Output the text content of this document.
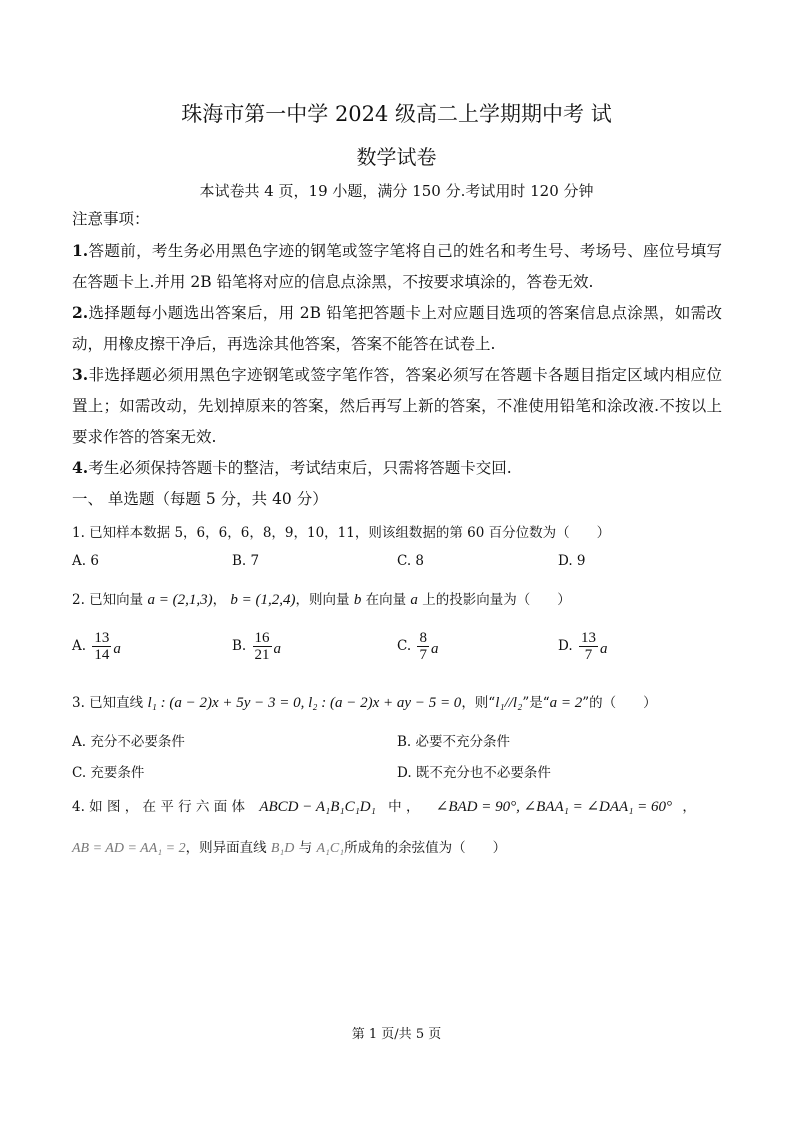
珠海市第一中学 2024 级高二上学期期中考 试
数学试卷
本试卷共 4 页，19 小题，满分 150 分.考试用时 120 分钟
注意事项：
1.答题前，考生务必用黑色字迹的钢笔或签字笔将自己的姓名和考生号、考场号、座位号填写在答题卡上.并用 2B 铅笔将对应的信息点涂黑，不按要求填涂的，答卷无效.
2.选择题每小题选出答案后，用 2B 铅笔把答题卡上对应题目选项的答案信息点涂黑，如需改动，用橡皮擦干净后，再选涂其他答案，答案不能答在试卷上.
3.非选择题必须用黑色字迹钢笔或签字笔作答，答案必须写在答题卡各题目指定区域内相应位置上；如需改动，先划掉原来的答案，然后再写上新的答案，不准使用铅笔和涂改液.不按以上要求作答的答案无效.
4.考生必须保持答题卡的整洁，考试结束后，只需将答题卡交回.
一、 单选题（每题 5 分，共 40 分）
1. 已知样本数据 5，6，6，6，8，9，10，11，则该组数据的第 60 百分位数为（　　）
A. 6	B. 7	C. 8	D. 9
2. 已知向量 a = (2,1,3)， b = (1,2,4)，则向量 b 在向量 a 上的投影向量为（　　）
A. $\frac{13}{14}$ a	B. $\frac{16}{21}$ a	C. $\frac{8}{7}$ a	D. $\frac{13}{7}$ a
3. 已知直线 l₁ : (a − 2)x + 5y − 3 = 0, l₂ : (a − 2)x + ay − 5 = 0，则“l₁//l₂”是“a = 2”的（　　）
A. 充分不必要条件	B. 必要不充分条件
C. 充要条件	D. 既不充分也不必要条件
4. 如 图 ， 在 平 行 六 面 体 ABCD − A₁B₁C₁D₁ 中 ， ∠BAD = 90°, ∠BAA₁ = ∠DAA₁ = 60° ，
AB = AD = AA₁ = 2，则异面直线 B₁D 与 A₁C₁所成角的余弦值为（　　）
第 1 页/共 5 页
